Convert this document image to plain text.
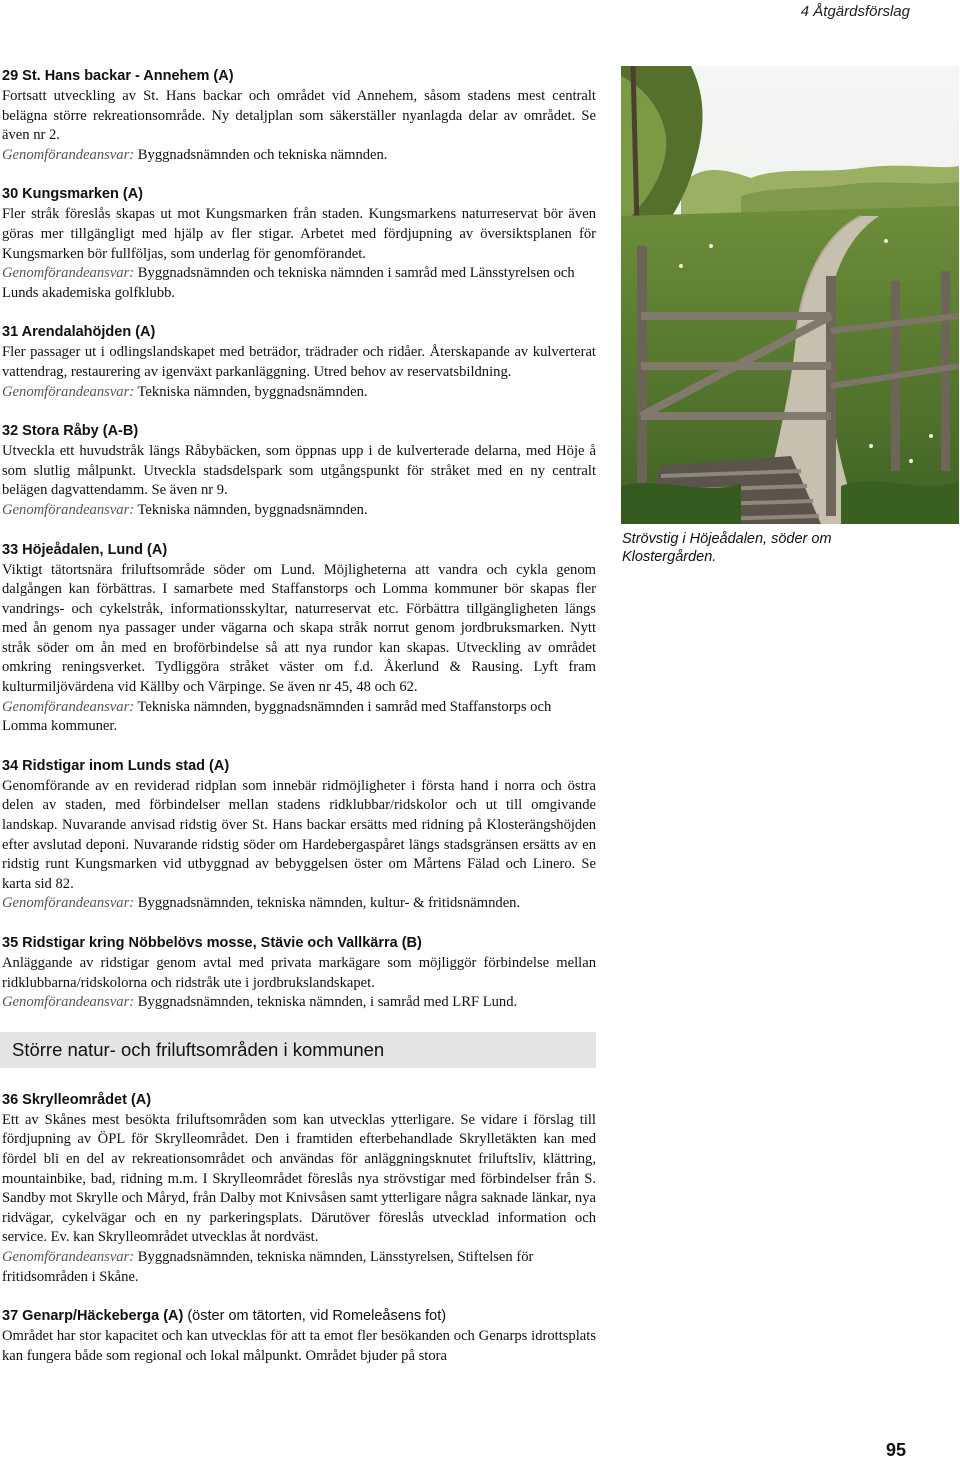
4 Åtgärdsförslag
29 St. Hans backar - Annehem (A)

Fortsatt utveckling av St. Hans backar och området vid Annehem, såsom stadens mest centralt belägna större rekreationsområde. Ny detaljplan som säkerställer nyanlagda delar av området. Se även nr 2.

Genomförandeansvar: Byggnadsnämnden och tekniska nämnden.

30 Kungsmarken (A)

Fler stråk föreslås skapas ut mot Kungsmarken från staden. Kungsmarkens naturreservat bör även göras mer tillgängligt med hjälp av fler stigar. Arbetet med fördjupning av översiktsplanen för Kungsmarken bör fullföljas, som underlag för genomförandet.

Genomförandeansvar: Byggnadsnämnden och tekniska nämnden i samråd med Länsstyrelsen och Lunds akademiska golfklubb.

31 Arendalahöjden (A)

Fler passager ut i odlingslandskapet med beträdor, trädrader och ridåer. Återskapande av kulverterat vattendrag, restaurering av igenväxt parkanläggning. Utred behov av reservatsbildning.

Genomförandeansvar: Tekniska nämnden, byggnadsnämnden.

32 Stora Råby (A-B)

Utveckla ett huvudstråk längs Råbybäcken, som öppnas upp i de kulverterade delarna, med Höje å som slutlig målpunkt. Utveckla stadsdelspark som utgångspunkt för stråket med en ny centralt belägen dagvattendamm. Se även nr 9.

Genomförandeansvar: Tekniska nämnden, byggnadsnämnden.

33 Höjeådalen, Lund (A)

Viktigt tätortsnära friluftsområde söder om Lund. Möjligheterna att vandra och cykla genom dalgången kan förbättras. I samarbete med Staffanstorps och Lomma kommuner bör skapas fler vandrings- och cykelstråk, informationsskyltar, naturreservat etc. Förbättra tillgängligheten längs med ån genom nya passager under vägarna och skapa stråk norrut genom jordbruksmarken. Nytt stråk söder om ån med en broförbindelse så att nya rundor kan skapas. Utveckling av området omkring reningsverket. Tydliggöra stråket väster om f.d. Åkerlund & Rausing. Lyft fram kulturmiljövärdena vid Källby och Värpinge. Se även nr 45, 48 och 62.

Genomförandeansvar: Tekniska nämnden, byggnadsnämnden i samråd med Staffanstorps och Lomma kommuner.

34 Ridstigar inom Lunds stad (A)

Genomförande av en reviderad ridplan som innebär ridmöjligheter i första hand i norra och östra delen av staden, med förbindelser mellan stadens ridklubbar/ridskolor och ut till omgivande landskap. Nuvarande anvisad ridstig över St. Hans backar ersätts med ridning på Klosterängshöjden efter avslutad deponi. Nuvarande ridstig söder om Hardebergaspåret längs stadsgränsen ersätts av en ridstig runt Kungsmarken vid utbyggnad av bebyggelsen öster om Mårtens Fälad och Linero. Se karta sid 82.

Genomförandeansvar: Byggnadsnämnden, tekniska nämnden, kultur- & fritidsnämnden.

35 Ridstigar kring Nöbbelövs mosse, Stävie och Vallkärra (B)

Anläggande av ridstigar genom avtal med privata markägare som möjliggör förbindelse mellan ridklubbarna/ridskolorna och ridstråk ute i jordbrukslandskapet.

Genomförandeansvar: Byggnadsnämnden, tekniska nämnden, i samråd med LRF Lund.

Större natur- och friluftsområden i kommunen
36 Skrylleområdet (A)

Ett av Skånes mest besökta friluftsområden som kan utvecklas ytterligare. Se vidare i förslag till fördjupning av ÖPL för Skrylleområdet. Den i framtiden efterbehandlade Skrylletäkten kan med fördel bli en del av rekreationsområdet och användas för anläggningsknutet friluftsliv, klättring, mountainbike, bad, ridning m.m. I Skrylleområdet föreslås nya strövstigar med förbindelser från S. Sandby mot Skrylle och Måryd, från Dalby mot Knivsåsen samt ytterligare några saknade länkar, nya ridvägar, cykelvägar och en ny parkeringsplats. Därutöver föreslås utvecklad information och service. Ev. kan Skrylleområdet utvecklas åt nordväst.

Genomförandeansvar: Byggnadsnämnden, tekniska nämnden, Länsstyrelsen, Stiftelsen för fritidsområden i Skåne.

37 Genarp/Häckeberga (A) (öster om tätorten, vid Romeleåsens fot)

Området har stor kapacitet och kan utvecklas för att ta emot fler besökanden och Genarps idrottsplats kan fungera både som regional och lokal målpunkt. Området bjuder på stora

Strövstig i Höjeådalen, söder om Klostergården.
95
